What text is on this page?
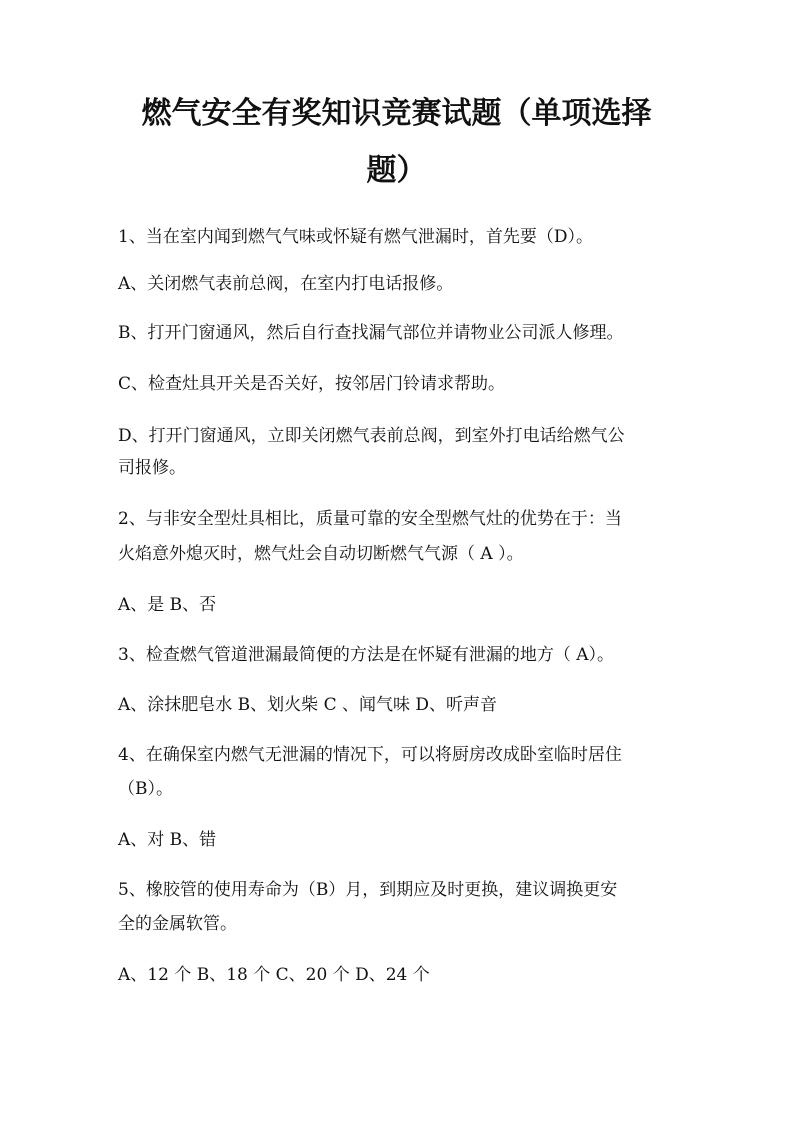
燃气安全有奖知识竞赛试题（单项选择
题）

1、当在室内闻到燃气气味或怀疑有燃气泄漏时，首先要（D）。

A、关闭燃气表前总阀，在室内打电话报修。

B、打开门窗通风，然后自行查找漏气部位并请物业公司派人修理。

C、检查灶具开关是否关好，按邻居门铃请求帮助。

D、打开门窗通风，立即关闭燃气表前总阀，到室外打电话给燃气公

司报修。

2、与非安全型灶具相比，质量可靠的安全型燃气灶的优势在于：当

火焰意外熄灭时，燃气灶会自动切断燃气气源（ A ）。

A、是 B、否

3、检查燃气管道泄漏最简便的方法是在怀疑有泄漏的地方（ A）。

A、涂抹肥皂水 B、划火柴 C 、闻气味 D、听声音

4、在确保室内燃气无泄漏的情况下，可以将厨房改成卧室临时居住

（B）。

A、对 B、错

5、橡胶管的使用寿命为（B）月，到期应及时更换，建议调换更安

全的金属软管。

A、12 个 B、18 个 C、20 个 D、24 个
